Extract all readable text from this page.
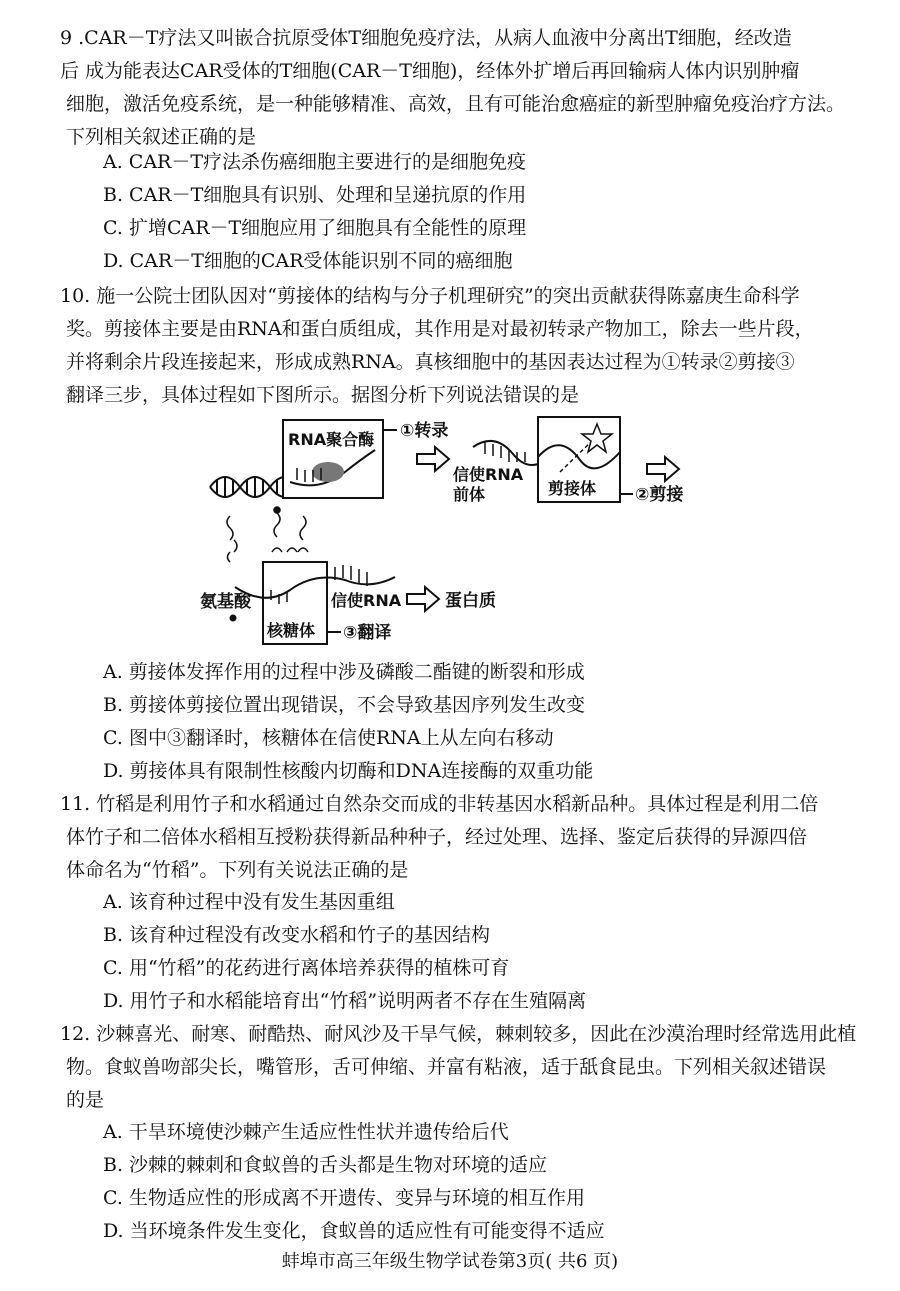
9 .CAR－T疗法又叫嵌合抗原受体T细胞免疫疗法，从病人血液中分离出T细胞，经改造
后 成为能表达CAR受体的T细胞(CAR－T细胞)，经体外扩增后再回输病人体内识别肿瘤
细胞，激活免疫系统，是一种能够精准、高效，且有可能治愈癌症的新型肿瘤免疫治疗方法。
下列相关叙述正确的是
A. CAR－T疗法杀伤癌细胞主要进行的是细胞免疫
B. CAR－T细胞具有识别、处理和呈递抗原的作用
C. 扩增CAR－T细胞应用了细胞具有全能性的原理
D. CAR－T细胞的CAR受体能识别不同的癌细胞
10. 施一公院士团队因对“剪接体的结构与分子机理研究”的突出贡献获得陈嘉庚生命科学
奖。剪接体主要是由RNA和蛋白质组成，其作用是对最初转录产物加工，除去一些片段，
并将剩余片段连接起来，形成成熟RNA。真核细胞中的基因表达过程为①转录②剪接③
翻译三步，具体过程如下图所示。据图分析下列说法错误的是
RNA聚合酶 ①转录
信使RNA
前体	剪接体 ②剪接
氨基酸	信使RNA	蛋白质
核糖体 ③翻译
A. 剪接体发挥作用的过程中涉及磷酸二酯键的断裂和形成
B. 剪接体剪接位置出现错误，不会导致基因序列发生改变
C. 图中③翻译时，核糖体在信使RNA上从左向右移动
D. 剪接体具有限制性核酸内切酶和DNA连接酶的双重功能
11. 竹稻是利用竹子和水稻通过自然杂交而成的非转基因水稻新品种。具体过程是利用二倍
体竹子和二倍体水稻相互授粉获得新品种种子，经过处理、选择、鉴定后获得的异源四倍
体命名为“竹稻”。下列有关说法正确的是
A. 该育种过程中没有发生基因重组
B. 该育种过程没有改变水稻和竹子的基因结构
C. 用“竹稻”的花药进行离体培养获得的植株可育
D. 用竹子和水稻能培育出“竹稻”说明两者不存在生殖隔离
12. 沙棘喜光、耐寒、耐酷热、耐风沙及干旱气候，棘刺较多，因此在沙漠治理时经常选用此植
物。食蚁兽吻部尖长，嘴管形，舌可伸缩、并富有粘液，适于舐食昆虫。下列相关叙述错误
的是
A. 干旱环境使沙棘产生适应性性状并遗传给后代
B. 沙棘的棘刺和食蚁兽的舌头都是生物对环境的适应
C. 生物适应性的形成离不开遗传、变异与环境的相互作用
D. 当环境条件发生变化，食蚁兽的适应性有可能变得不适应
蚌埠市高三年级生物学试卷第3页( 共6 页)
